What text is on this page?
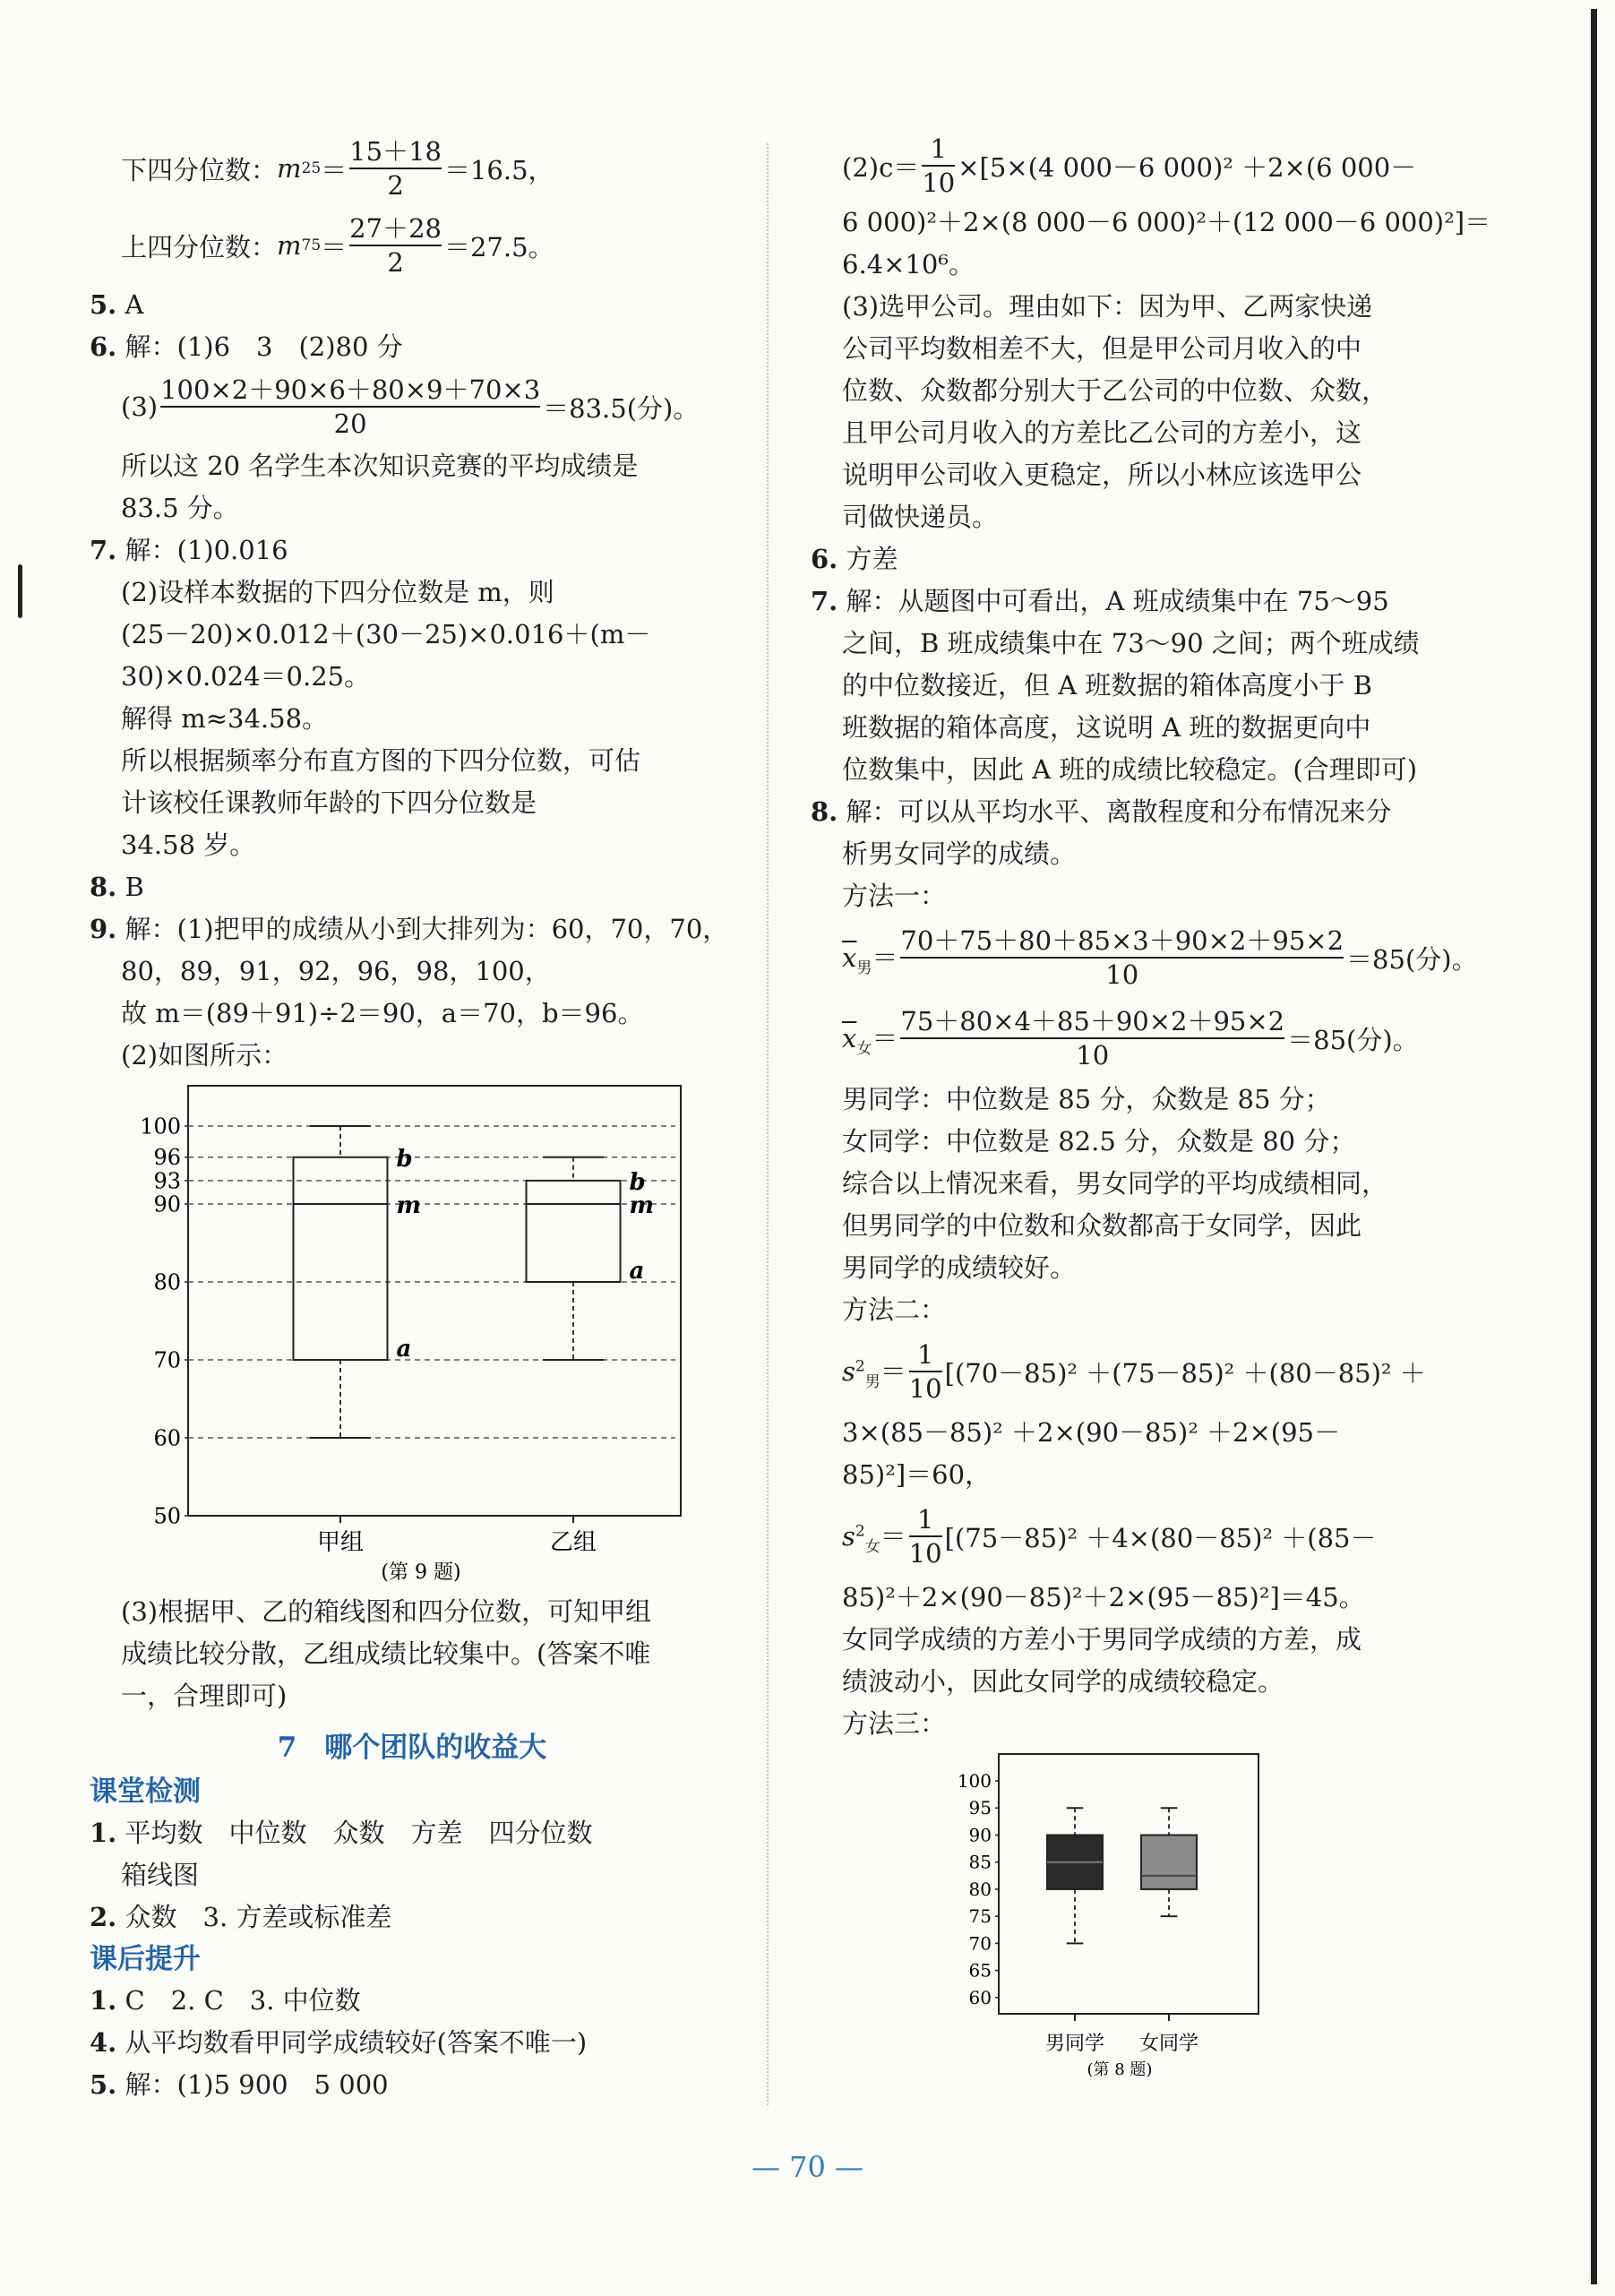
下四分位数： m $25 = \frac{15+18}{2} =16.5$，
上四分位数： m $75 = \frac{27+28}{2} =27.5$。
5. A
6. 解：(1)6　3　(2)80 分
$(3) \frac{100\times 2+90\times 6+80\times 9+70\times 3}{20} =83.5$(分)。
所以这 20 名学生本次知识竞赛的平均成绩是
83.5 分。
7. 解：(1)0.016
(2)设样本数据的下四分位数是 m，则
(25－20)×0.012＋(30－25)×0.016＋(m－
30)×0.024＝0.25。
解得 m≈34.58。
所以根据频率分布直方图的下四分位数，可估
计该校任课教师年龄的下四分位数是
34.58 岁。
8. B
9. 解：(1)把甲的成绩从小到大排列为：60，70，70，
80，89，91，92，96，98，100，
故 m＝(89＋91)÷2＝90，a＝70，b＝96。
(2)如图所示：
50
60
70
80
90
93
96
100
甲组
b
m
a
乙组
b
m
a
(第 9 题)
(3)根据甲、乙的箱线图和四分位数，可知甲组
成绩比较分散，乙组成绩比较集中。(答案不唯
一，合理即可)
7　哪个团队的收益大
课堂检测
1. 平均数　中位数　众数　方差　四分位数
箱线图
2. 众数　3. 方差或标准差
课后提升
1. C　2. C　3. 中位数
4. 从平均数看甲同学成绩较好(答案不唯一)
5. 解：(1)5 900　5 000
$(2)c= \frac{1}{10} \times[5\times(4$ 000－6 000)² ＋2×(6 000－
6 000)²＋2×(8 000－6 000)²＋(12 000－6 000)²]＝
6.4×10⁶。
(3)选甲公司。理由如下：因为甲、乙两家快递
公司平均数相差不大，但是甲公司月收入的中
位数、众数都分别大于乙公司的中位数、众数，
且甲公司月收入的方差比乙公司的方差小，这
说明甲公司收入更稳定，所以小林应该选甲公
司做快递员。
6. 方差
7. 解：从题图中可看出，A 班成绩集中在 75～95
之间，B 班成绩集中在 73～90 之间；两个班成绩
的中位数接近，但 A 班数据的箱体高度小于 B
班数据的箱体高度，这说明 A 班的数据更向中
位数集中，因此 A 班的成绩比较稳定。(合理即可)
8. 解：可以从平均水平、离散程度和分布情况来分
析男女同学的成绩。
方法一：
$\overline{x}_男= \frac{70+75+80+85\times 3+90\times 2+95\times 2}{10} =85$(分)。
$\overline{x}_女= \frac{75+80\times 4+85+90\times 2+95\times 2}{10} =85$(分)。
男同学：中位数是 85 分，众数是 85 分；
女同学：中位数是 82.5 分，众数是 80 分；
综合以上情况来看，男女同学的平均成绩相同，
但男同学的中位数和众数都高于女同学，因此
男同学的成绩较好。
方法二：
$s^2_男= \frac{1}{10} [(70-85)^2 +(75-85)^2 +(80-85)^2$ ＋
3×(85－85)² ＋2×(90－85)² ＋2×(95－
85)²]＝60，
$s^2_女= \frac{1}{10} [(75-85)^2 +4\times(80-85)^2 +(85-$
85)²＋2×(90－85)²＋2×(95－85)²]＝45。
女同学成绩的方差小于男同学成绩的方差，成
绩波动小，因此女同学的成绩较稳定。
方法三：
60
65
70
75
80
85
90
95
100
男同学 女同学
(第 8 题)
— 70 —
